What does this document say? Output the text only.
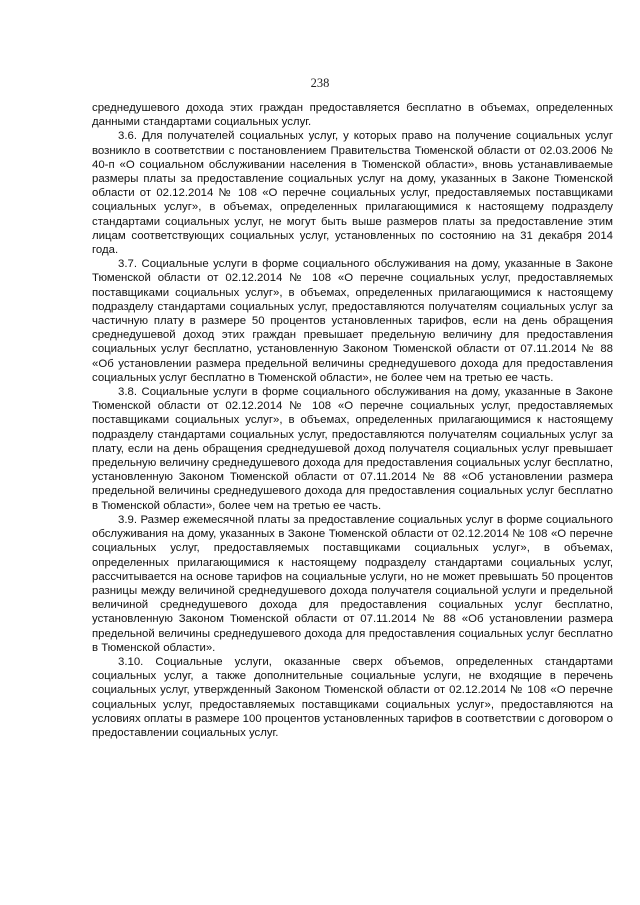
238

среднедушевого дохода этих граждан предоставляется бесплатно в объемах, определенных данными стандартами социальных услуг.

3.6. Для получателей социальных услуг, у которых право на получение социальных услуг возникло в соответствии с постановлением Правительства Тюменской области от 02.03.2006 № 40-п «О социальном обслуживании населения в Тюменской области», вновь устанавливаемые размеры платы за предоставление социальных услуг на дому, указанных в Законе Тюменской области от 02.12.2014 № 108 «О перечне социальных услуг, предоставляемых поставщиками социальных услуг», в объемах, определенных прилагающимися к настоящему подразделу стандартами социальных услуг, не могут быть выше размеров платы за предоставление этим лицам соответствующих социальных услуг, установленных по состоянию на 31 декабря 2014 года.

3.7. Социальные услуги в форме социального обслуживания на дому, указанные в Законе Тюменской области от 02.12.2014 № 108 «О перечне социальных услуг, предоставляемых поставщиками социальных услуг», в объемах, определенных прилагающимися к настоящему подразделу стандартами социальных услуг, предоставляются получателям социальных услуг за частичную плату в размере 50 процентов установленных тарифов, если на день обращения среднедушевой доход этих граждан превышает предельную величину для предоставления социальных услуг бесплатно, установленную Законом Тюменской области от 07.11.2014 № 88 «Об установлении размера предельной величины среднедушевого дохода для предоставления социальных услуг бесплатно в Тюменской области», не более чем на третью ее часть.

3.8. Социальные услуги в форме социального обслуживания на дому, указанные в Законе Тюменской области от 02.12.2014 № 108 «О перечне социальных услуг, предоставляемых поставщиками социальных услуг», в объемах, определенных прилагающимися к настоящему подразделу стандартами социальных услуг, предоставляются получателям социальных услуг за плату, если на день обращения среднедушевой доход получателя социальных услуг превышает предельную величину среднедушевого дохода для предоставления социальных услуг бесплатно, установленную Законом Тюменской области от 07.11.2014 № 88 «Об установлении размера предельной величины среднедушевого дохода для предоставления социальных услуг бесплатно в Тюменской области», более чем на третью ее часть.

3.9. Размер ежемесячной платы за предоставление социальных услуг в форме социального обслуживания на дому, указанных в Законе Тюменской области от 02.12.2014 № 108 «О перечне социальных услуг, предоставляемых поставщиками социальных услуг», в объемах, определенных прилагающимися к настоящему подразделу стандартами социальных услуг, рассчитывается на основе тарифов на социальные услуги, но не может превышать 50 процентов разницы между величиной среднедушевого дохода получателя социальной услуги и предельной величиной среднедушевого дохода для предоставления социальных услуг бесплатно, установленную Законом Тюменской области от 07.11.2014 № 88 «Об установлении размера предельной величины среднедушевого дохода для предоставления социальных услуг бесплатно в Тюменской области».

3.10. Социальные услуги, оказанные сверх объемов, определенных стандартами социальных услуг, а также дополнительные социальные услуги, не входящие в перечень социальных услуг, утвержденный Законом Тюменской области от 02.12.2014 № 108 «О перечне социальных услуг, предоставляемых поставщиками социальных услуг», предоставляются на условиях оплаты в размере 100 процентов установленных тарифов в соответствии с договором о предоставлении социальных услуг.
